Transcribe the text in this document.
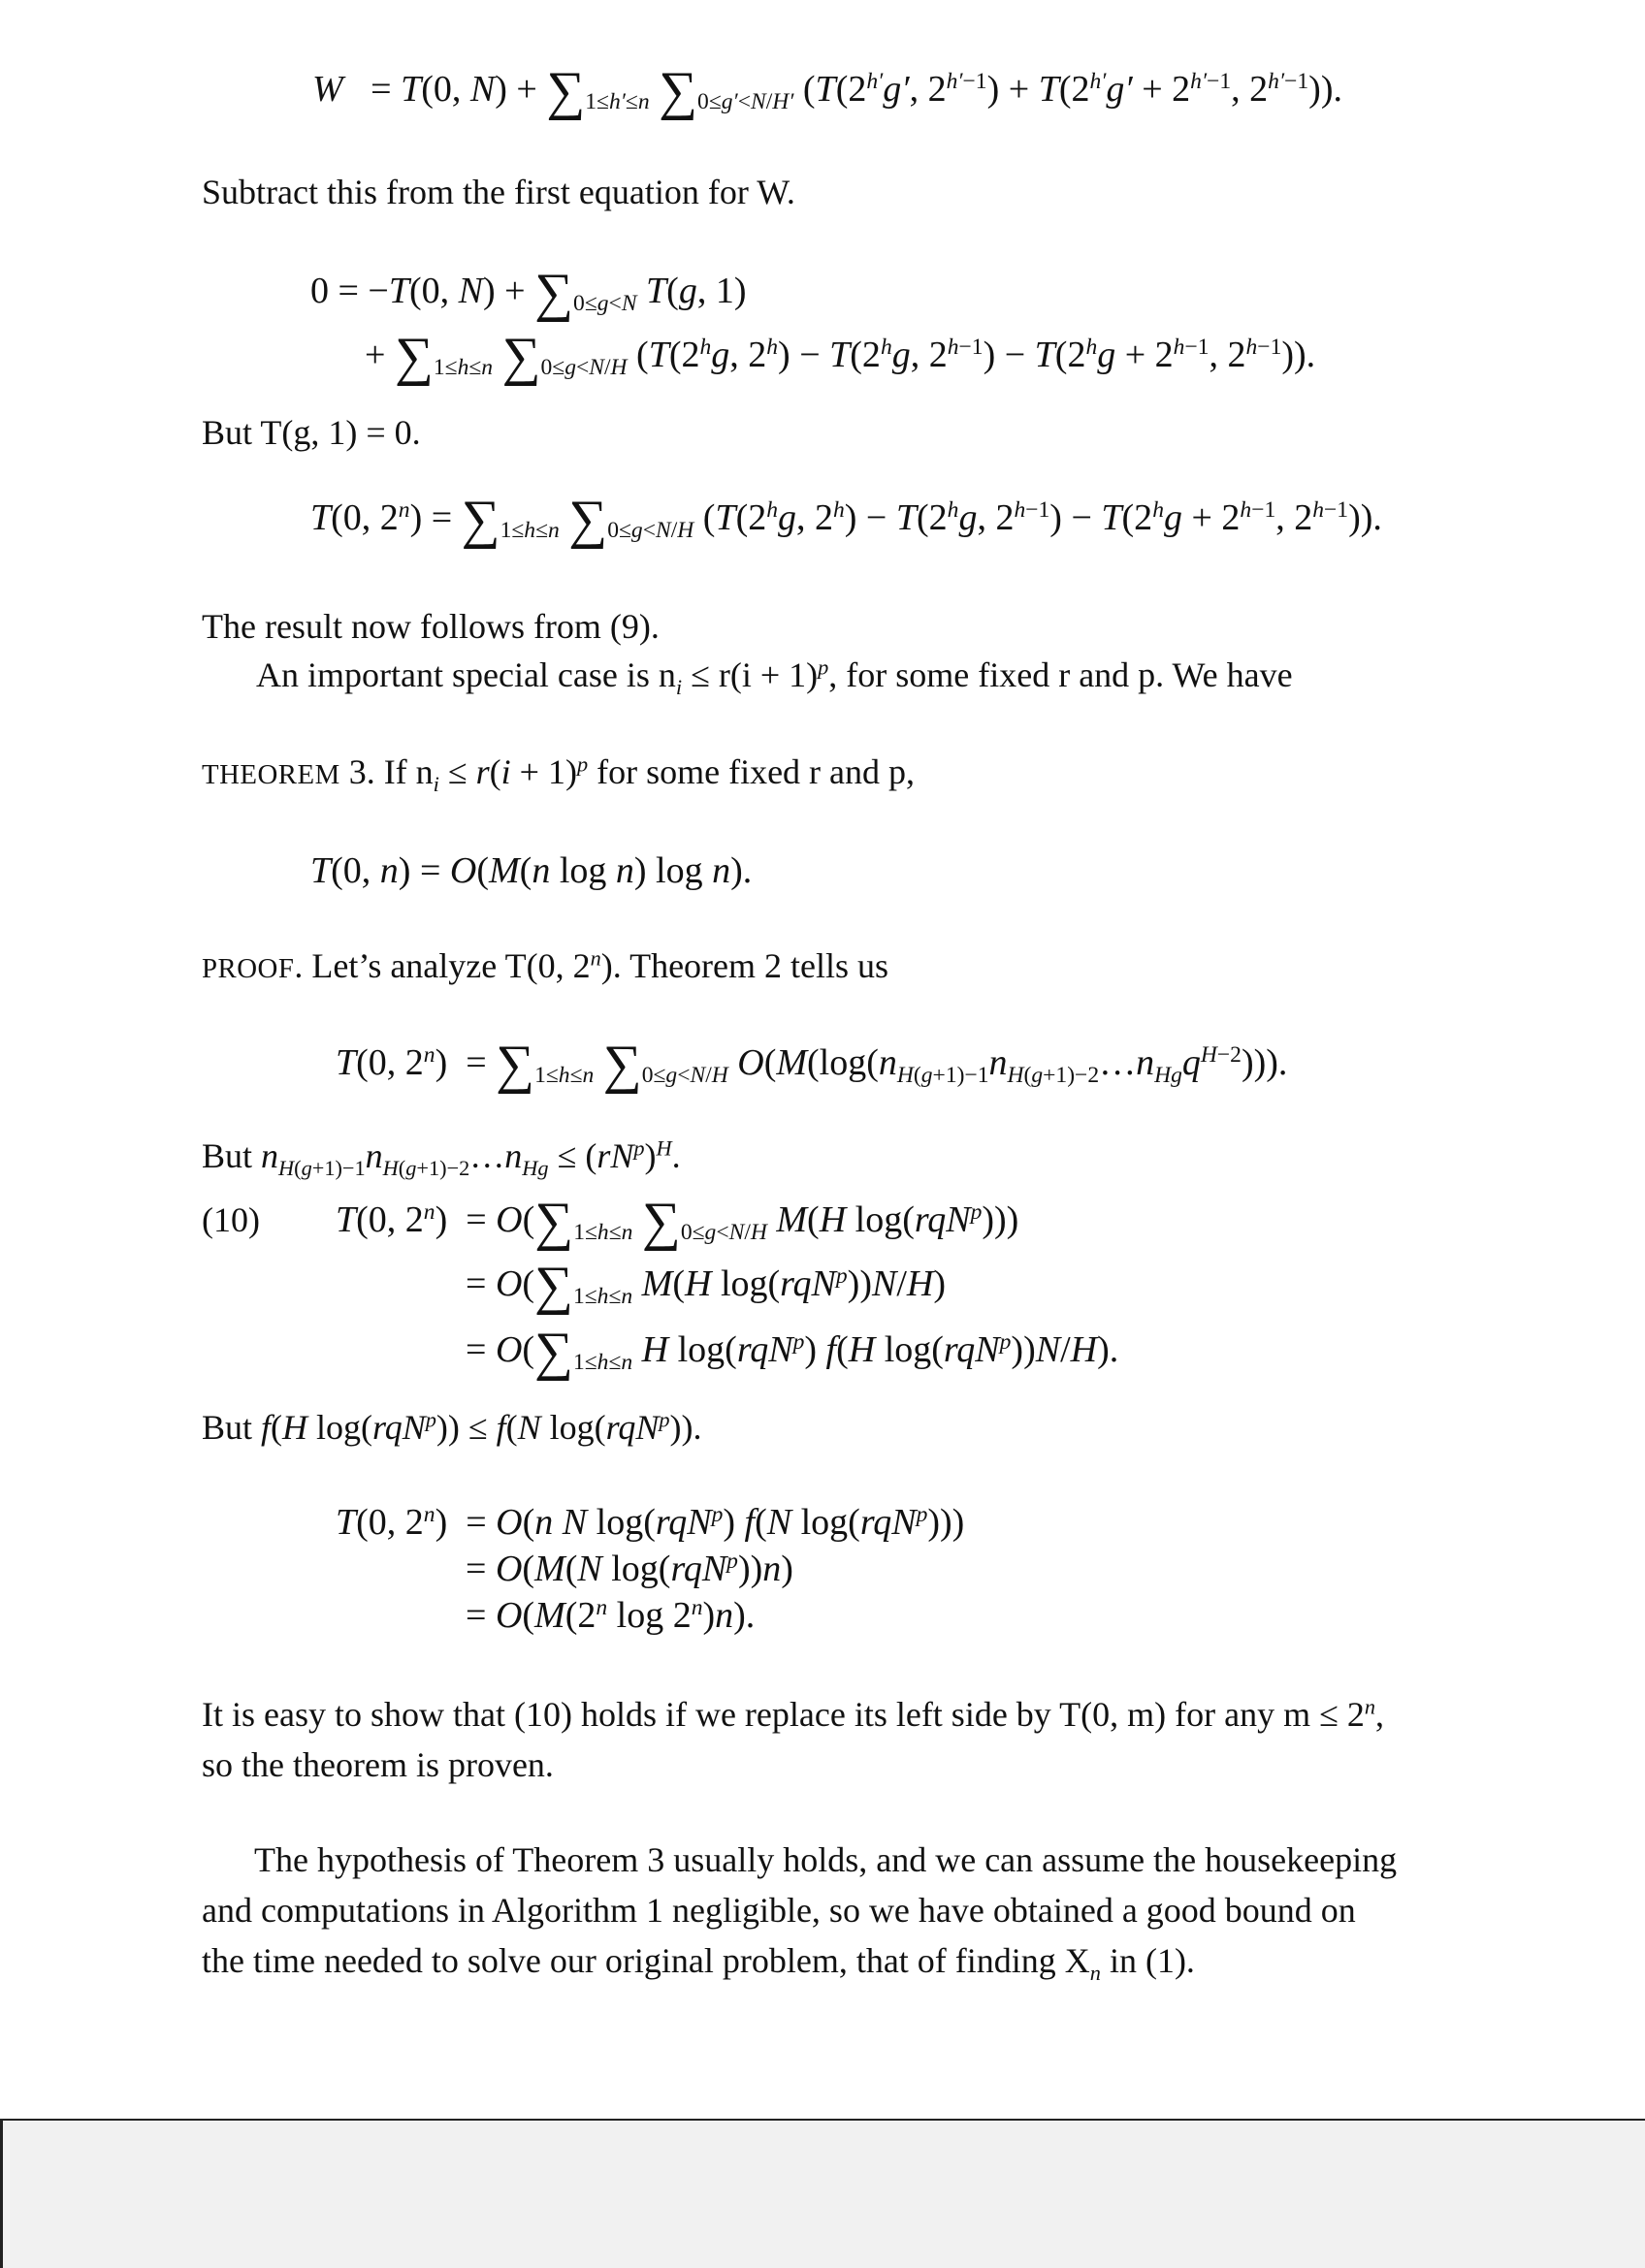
W   = T(0, $N) + \sum_{1\le h'\le n}$ $\sum_{0\le g'<N/H'}$ ($T(2^{h'}g'$, $2^{h'-1}) + T(2^{h'}g' + 2^{h'-1}$, $2^{h'-1}$)).
Subtract this from the first equation for W.
0 = −T(0, $N) + \sum_{0\le g<N}$ T(g, 1)
+ $\sum_{1\le h\le n}$ $\sum_{0\le g<N/H}$ (T(2$^h$g, $2^h) - T(2^hg$, $2^{h-1}) - T(2^hg + 2^{h-1}$, $2^{h-1}$)).
But T(g, 1) = 0.
T(0, $2^n) = \sum_{1\le h\le n}$ $\sum_{0\le g<N/H}$ (T(2$^h$g, $2^h) - T(2^hg$, $2^{h-1}) - T(2^hg + 2^{h-1}$, $2^{h-1}$)).
The result now follows from (9).
An important special case is $n_i \le r(i + 1)^p$, for some fixed r and p. We have
THEOREM 3. If $n_i \le r(i + 1)^p$ for some fixed r and p,
T(0, n) = O(M(n log n) log n).
PROOF. Let’s analyze T(0, 2$^n$). Theorem 2 tells us
T(0, $2^n) = \sum_{1\le h\le n}$ $\sum_{0\le g<N/H}$ $O(M(\log(n_{H(g+1)-1}n_{H(g+1)-2}\dots n_{Hg}q^{H-2})))$.
But $n_{H(g+1)-1}n_{H(g+1)-2}\dots n_{Hg} \le (rN^p)^H$.
(10) T(0, $2^n) = O(\sum_{1\le h\le n}$ $\sum_{0\le g<N/H}$ M(H log(rqN$^p$)))
= $O(\sum_{1\le h\le n}$ M(H log(rqN$^p$))N/H)
= $O(\sum_{1\le h\le n}$ H log(rqN$^p$) f(H log(rqN$^p$))N/H).
But f(H log(rqN$^p$)) ≤ f(N log(rqN$^p$)).
T(0, 2$^n$)  = O(n N log(rqN$^p$) f(N log(rqN$^p$)))
= O(M(N log(rqN$^p$))n)
= $O(M(2^n$ log 2$^n$)n).
It is easy to show that (10) holds if we replace its left side by T(0, m) for any $m \le 2^n$,
so the theorem is proven.
The hypothesis of Theorem 3 usually holds, and we can assume the housekeeping
and computations in Algorithm 1 negligible, so we have obtained a good bound on
the time needed to solve our original problem, that of finding $X_n$ in (1).
